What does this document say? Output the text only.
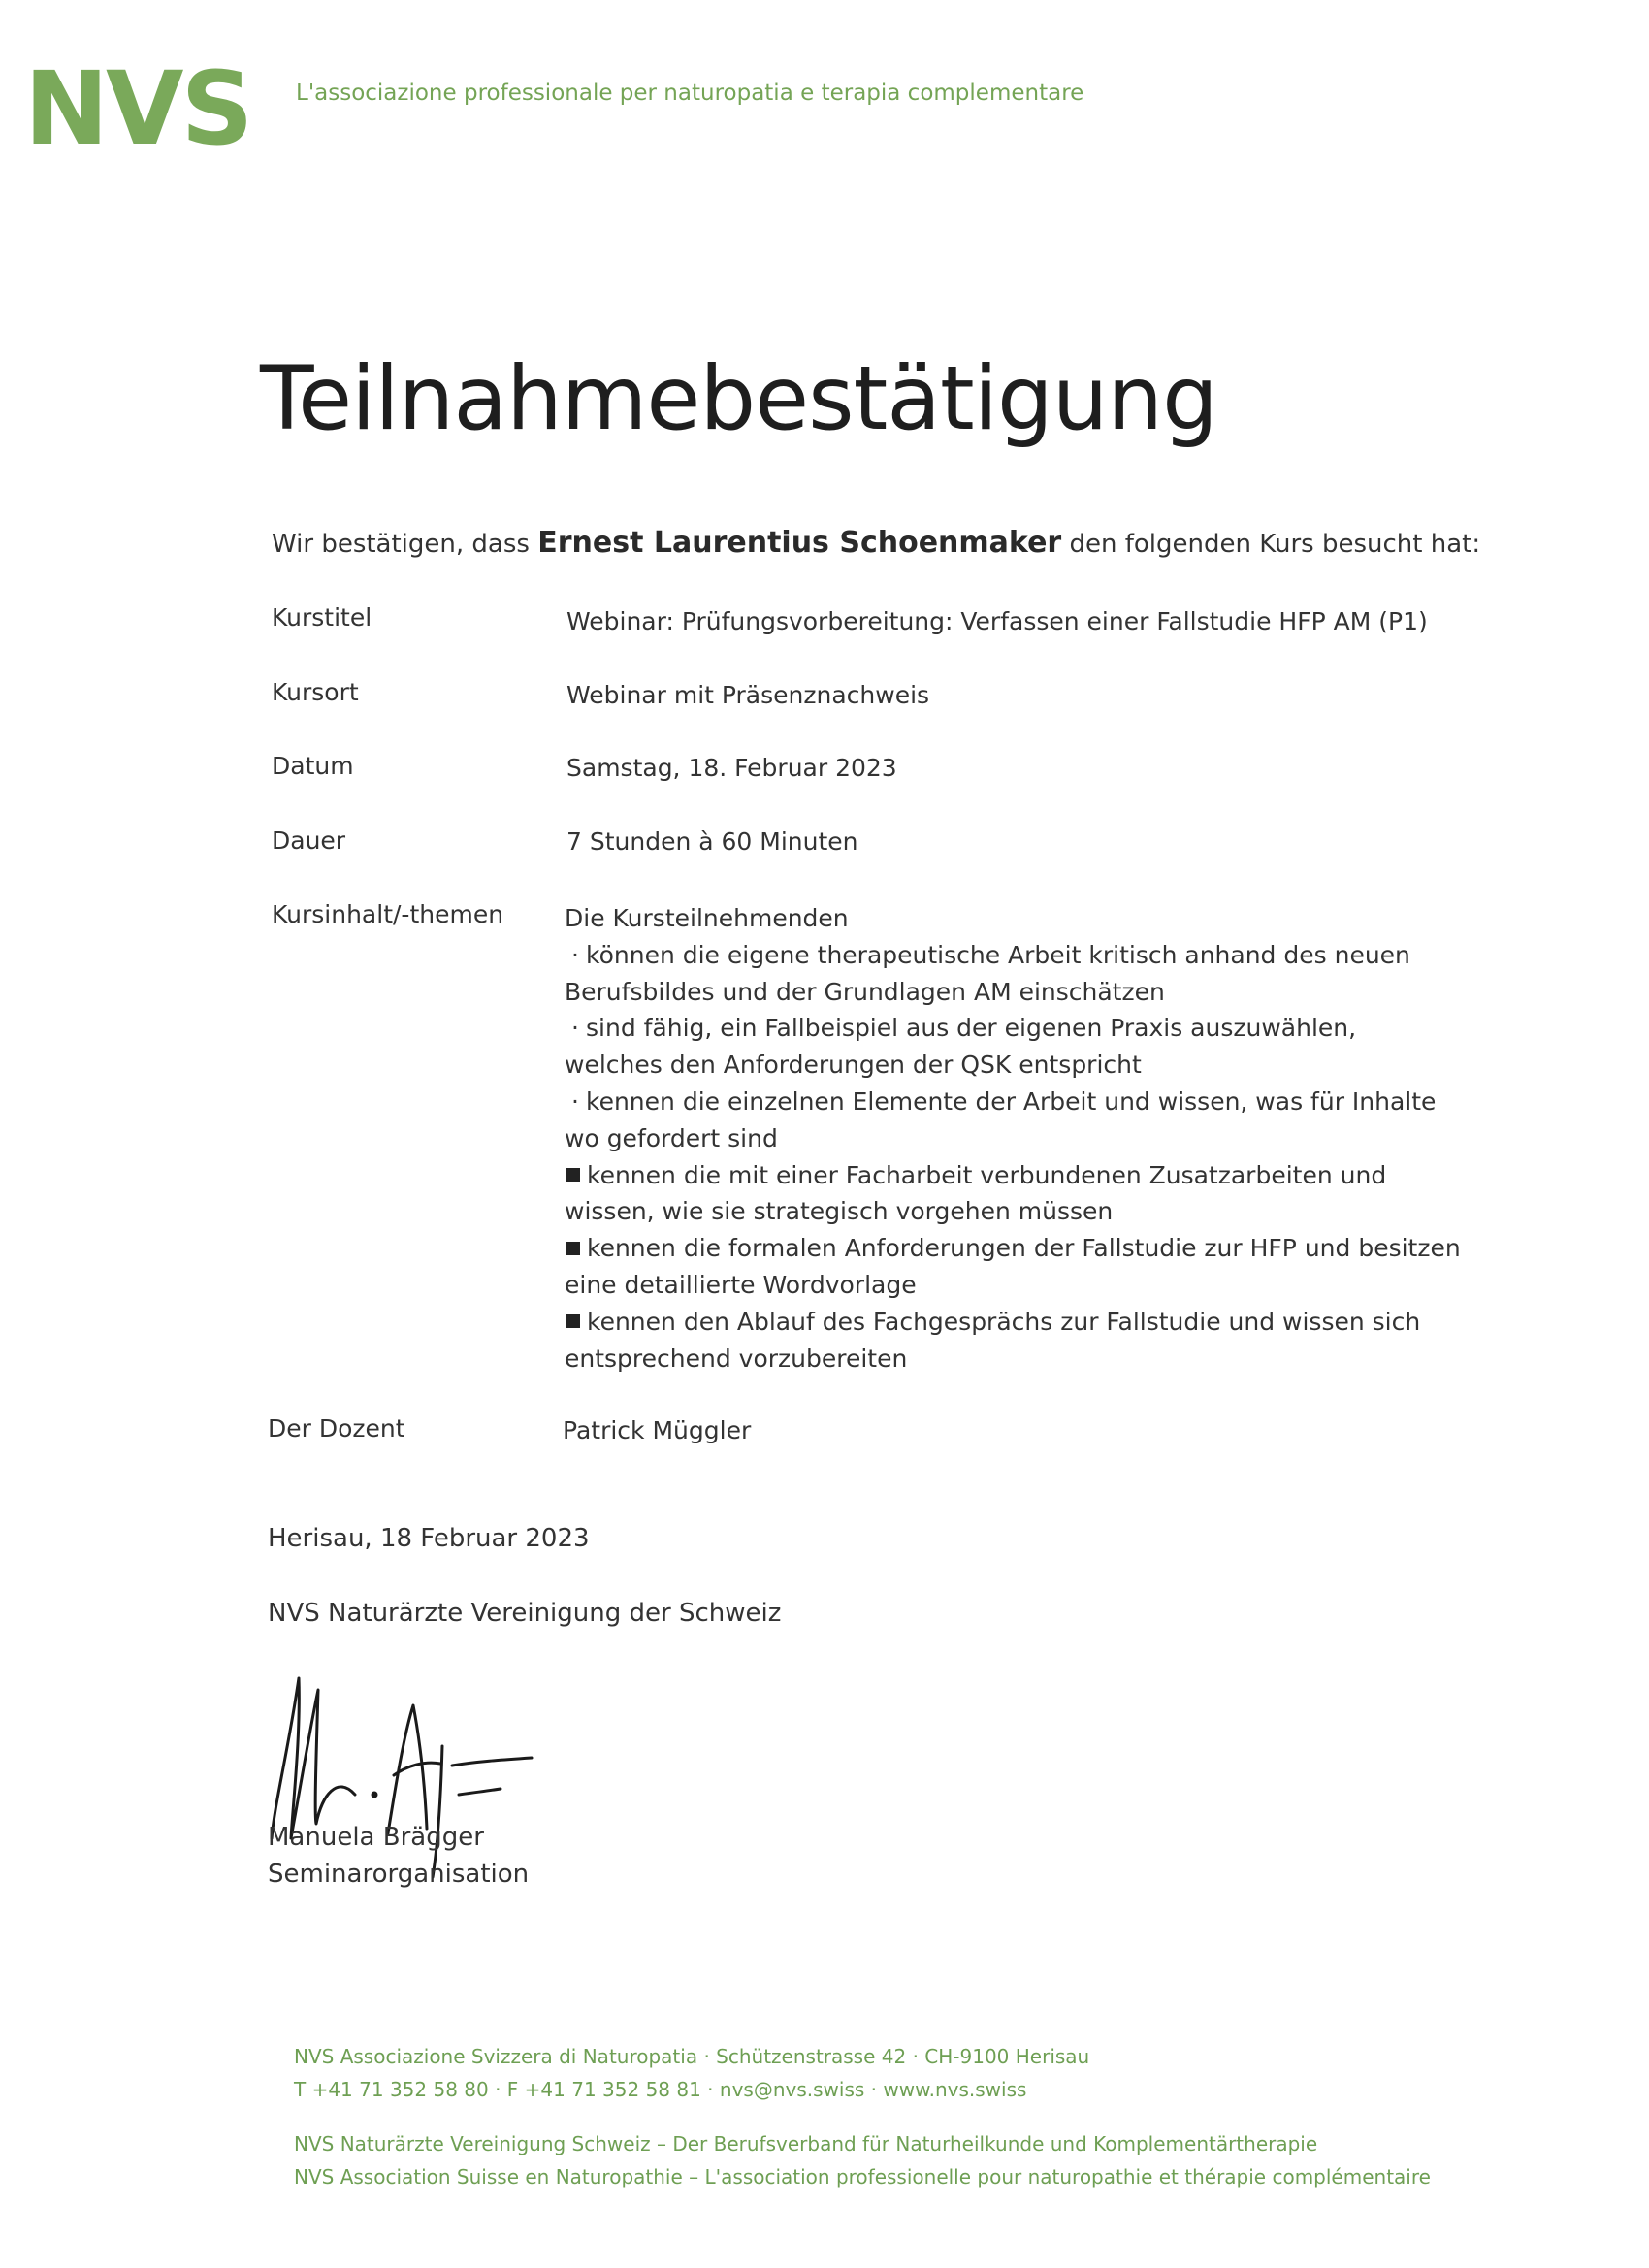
NVS L'associazione professionale per naturopatia e terapia complementare
Teilnahmebestätigung
Wir bestätigen, dass Ernest Laurentius Schoenmaker den folgenden Kurs besucht hat:
Kurstitel	Webinar: Prüfungsvorbereitung: Verfassen einer Fallstudie HFP AM (P1)
Kursort	Webinar mit Präsenznachweis
Datum	Samstag, 18. Februar 2023
Dauer	7 Stunden à 60 Minuten
Kursinhalt/-themen	Die Kursteilnehmenden
· können die eigene therapeutische Arbeit kritisch anhand des neuen
Berufsbildes und der Grundlagen AM einschätzen
· sind fähig, ein Fallbeispiel aus der eigenen Praxis auszuwählen,
welches den Anforderungen der QSK entspricht
· kennen die einzelnen Elemente der Arbeit und wissen, was für Inhalte
wo gefordert sind
kennen die mit einer Facharbeit verbundenen Zusatzarbeiten und
wissen, wie sie strategisch vorgehen müssen
kennen die formalen Anforderungen der Fallstudie zur HFP und besitzen
eine detaillierte Wordvorlage
kennen den Ablauf des Fachgesprächs zur Fallstudie und wissen sich
entsprechend vorzubereiten
Der Dozent	Patrick Müggler
Herisau, 18 Februar 2023
NVS Naturärzte Vereinigung der Schweiz
Manuela Brägger
Seminarorganisation
NVS Associazione Svizzera di Naturopatia · Schützenstrasse 42 · CH-9100 Herisau
T +41 71 352 58 80 · F +41 71 352 58 81 · nvs@nvs.swiss · www.nvs.swiss
NVS Naturärzte Vereinigung Schweiz – Der Berufsverband für Naturheilkunde und Komplementärtherapie
NVS Association Suisse en Naturopathie – L'association professionelle pour naturopathie et thérapie complémentaire
